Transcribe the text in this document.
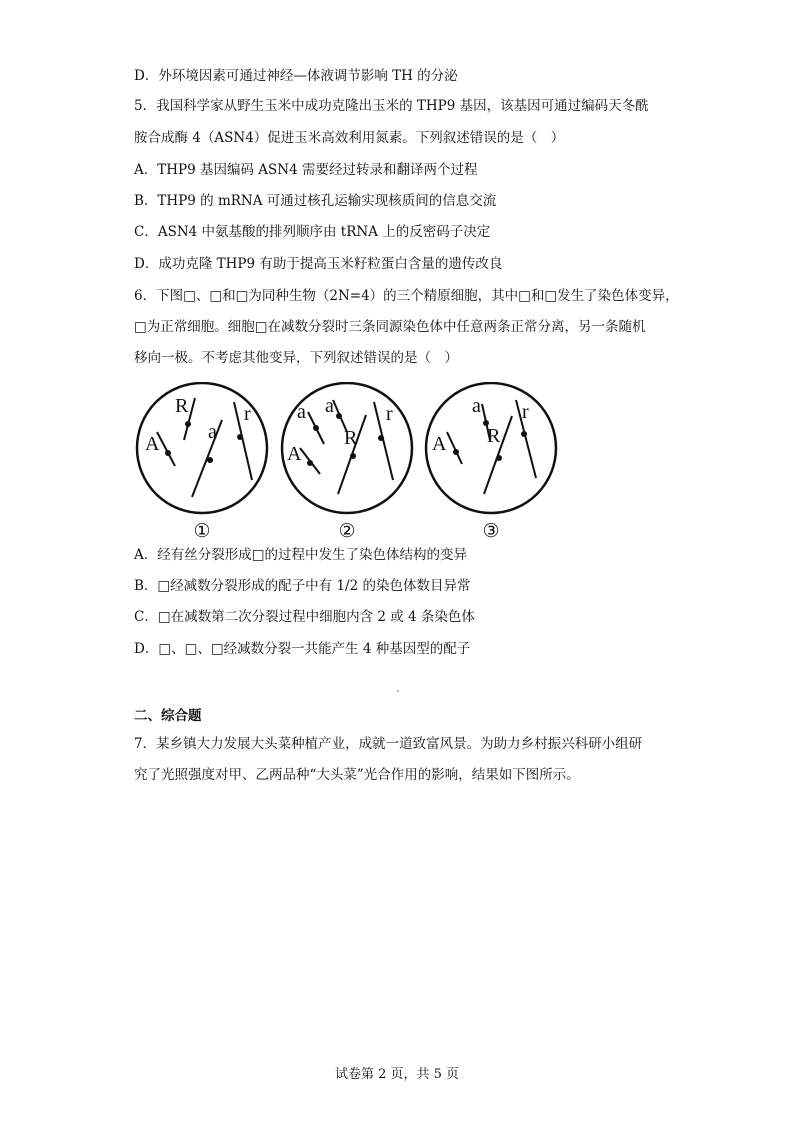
D．外环境因素可通过神经—体液调节影响 TH 的分泌
5．我国科学家从野生玉米中成功克隆出玉米的 THP9 基因，该基因可通过编码天冬酰
胺合成酶 4（ASN4）促进玉米高效利用氮素。下列叙述错误的是（　）
A．THP9 基因编码 ASN4 需要经过转录和翻译两个过程
B．THP9 的 mRNA 可通过核孔运输实现核质间的信息交流
C．ASN4 中氨基酸的排列顺序由 tRNA 上的反密码子决定
D．成功克隆 THP9 有助于提高玉米籽粒蛋白含量的遗传改良
6．下图□、□和□为同种生物（2N=4）的三个精原细胞，其中□和□发生了染色体变异，
□为正常细胞。细胞□在减数分裂时三条同源染色体中任意两条正常分离，另一条随机
移向一极。不考虑其他变异，下列叙述错误的是（　）
R
A
a
r a a
A
R
r	a
A R
r
①	②	③
A．经有丝分裂形成□的过程中发生了染色体结构的变异
B．□经减数分裂形成的配子中有 1/2 的染色体数目异常
C．□在减数第二次分裂过程中细胞内含 2 或 4 条染色体
D．□、□、□经减数分裂一共能产生 4 种基因型的配子
二、综合题
7．某乡镇大力发展大头菜种植产业，成就一道致富风景。为助力乡村振兴科研小组研
究了光照强度对甲、乙两品种“大头菜”光合作用的影响，结果如下图所示。
试卷第 2 页，共 5 页
